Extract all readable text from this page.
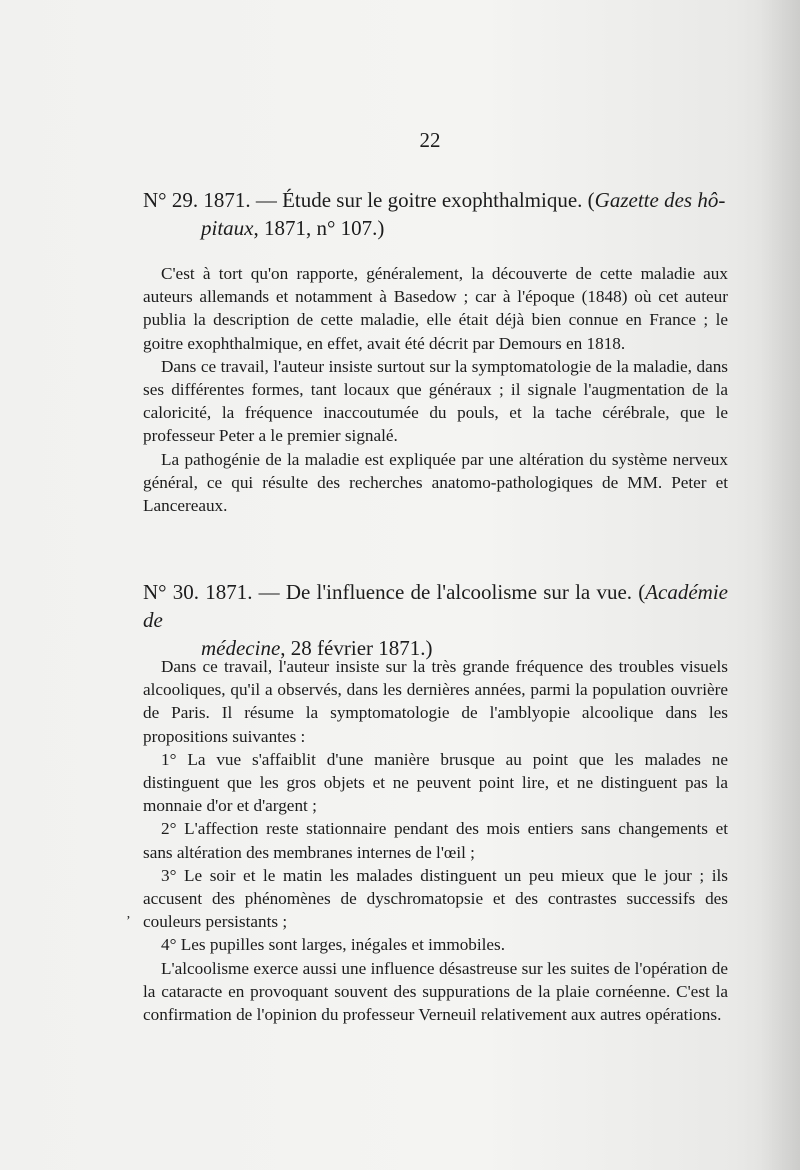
22
N° 29. 1871. — Étude sur le goitre exophthalmique. (Gazette des hô-
pitaux, 1871, n° 107.)

C'est à tort qu'on rapporte, généralement, la découverte de cette maladie aux auteurs allemands et notamment à Basedow ; car à l'époque (1848) où cet auteur publia la description de cette maladie, elle était déjà bien connue en France ; le goitre exophthalmique, en effet, avait été décrit par Demours en 1818.

Dans ce travail, l'auteur insiste surtout sur la symptomatologie de la maladie, dans ses différentes formes, tant locaux que généraux ; il signale l'augmentation de la caloricité, la fréquence inaccoutumée du pouls, et la tache cérébrale, que le professeur Peter a le premier signalé.

La pathogénie de la maladie est expliquée par une altération du système nerveux général, ce qui résulte des recherches anatomo-pathologiques de MM. Peter et Lancereaux.

N° 30. 1871. — De l'influence de l'alcoolisme sur la vue. (Académie de
médecine, 28 février 1871.)

Dans ce travail, l'auteur insiste sur la très grande fréquence des troubles visuels alcooliques, qu'il a observés, dans les dernières années, parmi la population ouvrière de Paris. Il résume la symptomatologie de l'amblyopie alcoolique dans les propositions suivantes :

1° La vue s'affaiblit d'une manière brusque au point que les malades ne distinguent que les gros objets et ne peuvent point lire, et ne distinguent pas la monnaie d'or et d'argent ;

2° L'affection reste stationnaire pendant des mois entiers sans changements et sans altération des membranes internes de l'œil ;

3° Le soir et le matin les malades distinguent un peu mieux que le jour ; ils accusent des phénomènes de dyschromatopsie et des contrastes successifs des couleurs persistants ;

4° Les pupilles sont larges, inégales et immobiles.

L'alcoolisme exerce aussi une influence désastreuse sur les suites de l'opération de la cataracte en provoquant souvent des suppurations de la plaie cornéenne. C'est la confirmation de l'opinion du professeur Verneuil relativement aux autres opérations.

ʼ
